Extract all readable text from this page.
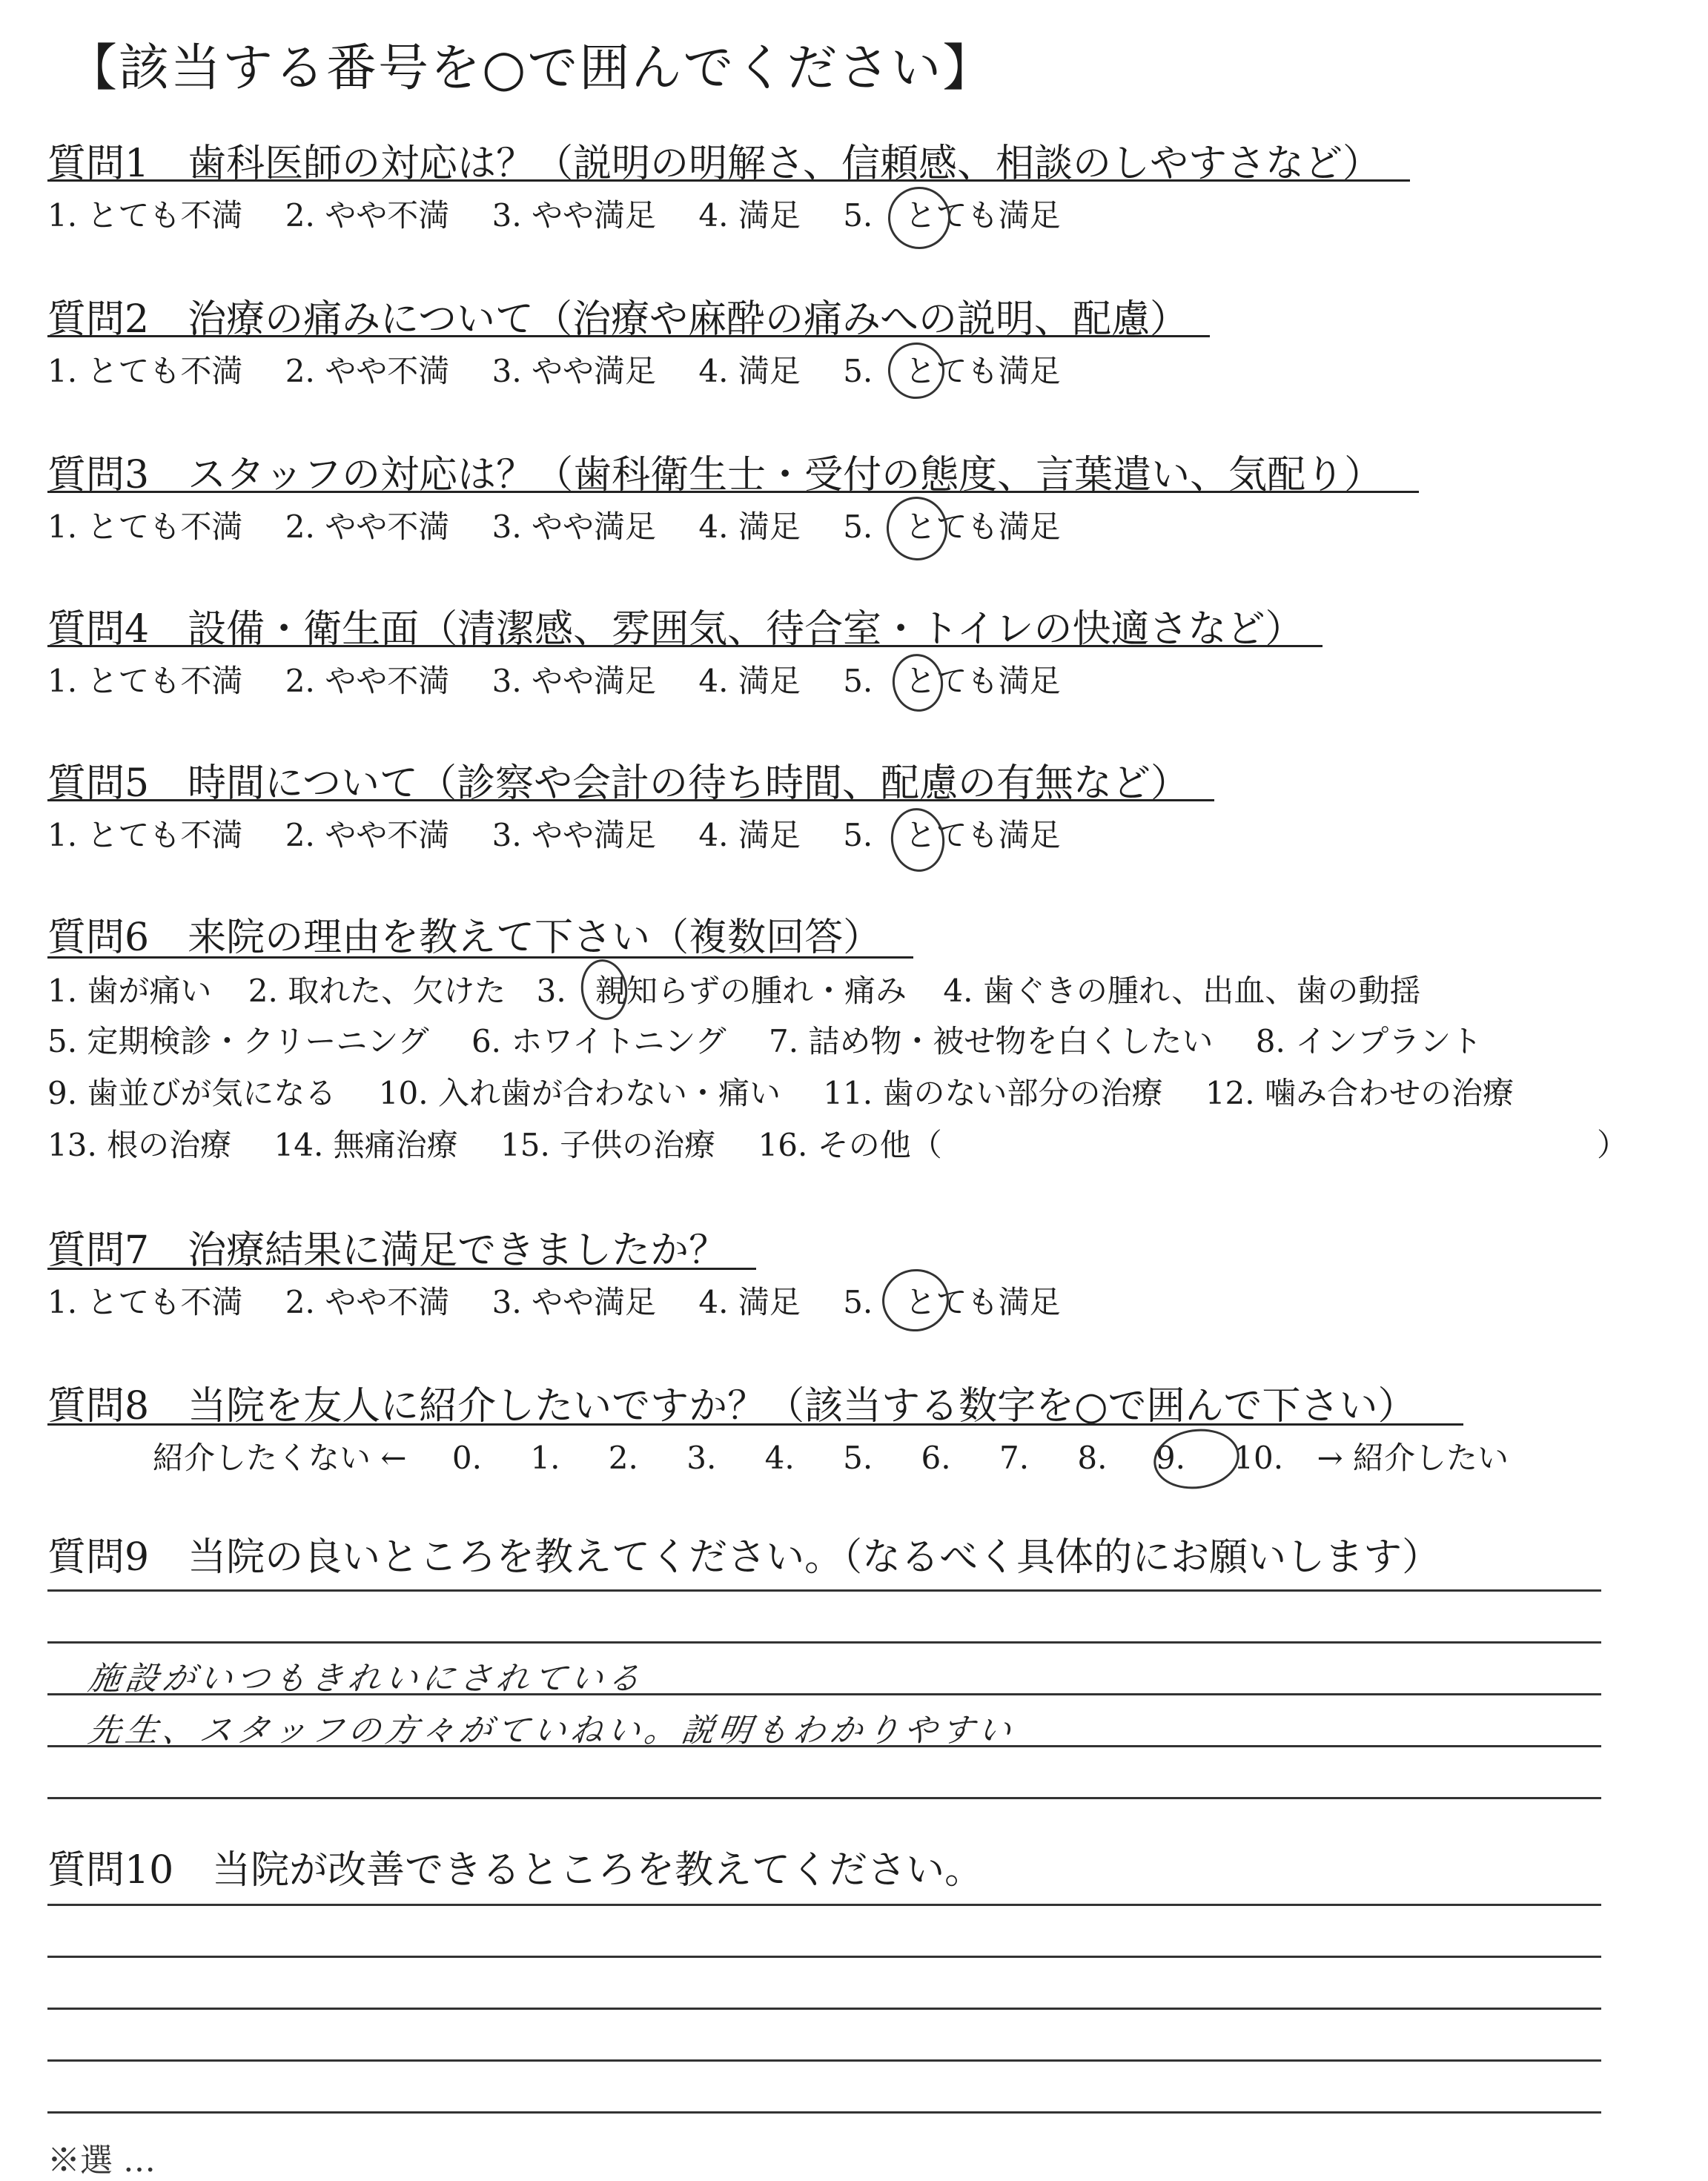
【該当する番号を○で囲んでください】
質問1　歯科医師の対応は？（説明の明解さ、信頼感、相談のしやすさなど）
1. とても不満 2. やや不満 3. やや満足 4. 満足 5. とても満足
質問2　治療の痛みについて（治療や麻酔の痛みへの説明、配慮）
1. とても不満 2. やや不満 3. やや満足 4. 満足 5. とても満足
質問3　スタッフの対応は？（歯科衛生士・受付の態度、言葉遣い、気配り）
1. とても不満 2. やや不満 3. やや満足 4. 満足 5. とても満足
質問4　設備・衛生面（清潔感、雰囲気、待合室・トイレの快適さなど）
1. とても不満 2. やや不満 3. やや満足 4. 満足 5. とても満足
質問5　時間について（診察や会計の待ち時間、配慮の有無など）
1. とても不満 2. やや不満 3. やや満足 4. 満足 5. とても満足
質問6　来院の理由を教えて下さい（複数回答）
1. 歯が痛い 2. 取れた、欠けた 3. 親知らずの腫れ・痛み 4. 歯ぐきの腫れ、出血、歯の動揺
5. 定期検診・クリーニング 6. ホワイトニング 7. 詰め物・被せ物を白くしたい 8. インプラント
9. 歯並びが気になる 10. 入れ歯が合わない・痛い 11. 歯のない部分の治療 12. 噛み合わせの治療
13. 根の治療 14. 無痛治療 15. 子供の治療 16. その他（	）
質問7　治療結果に満足できましたか？
1. とても不満 2. やや不満 3. やや満足 4. 満足 5. とても満足
質問8　当院を友人に紹介したいですか？（該当する数字を○で囲んで下さい）
紹介したくない ← 0. 1. 2. 3. 4. 5. 6. 7. 8. 9. 10. → 紹介したい
質問9　当院の良いところを教えてください。（なるべく具体的にお願いします）
施設がいつもきれいにされている
先生、スタッフの方々がていねい。説明もわかりやすい
質問10　当院が改善できるところを教えてください。
※選 …
